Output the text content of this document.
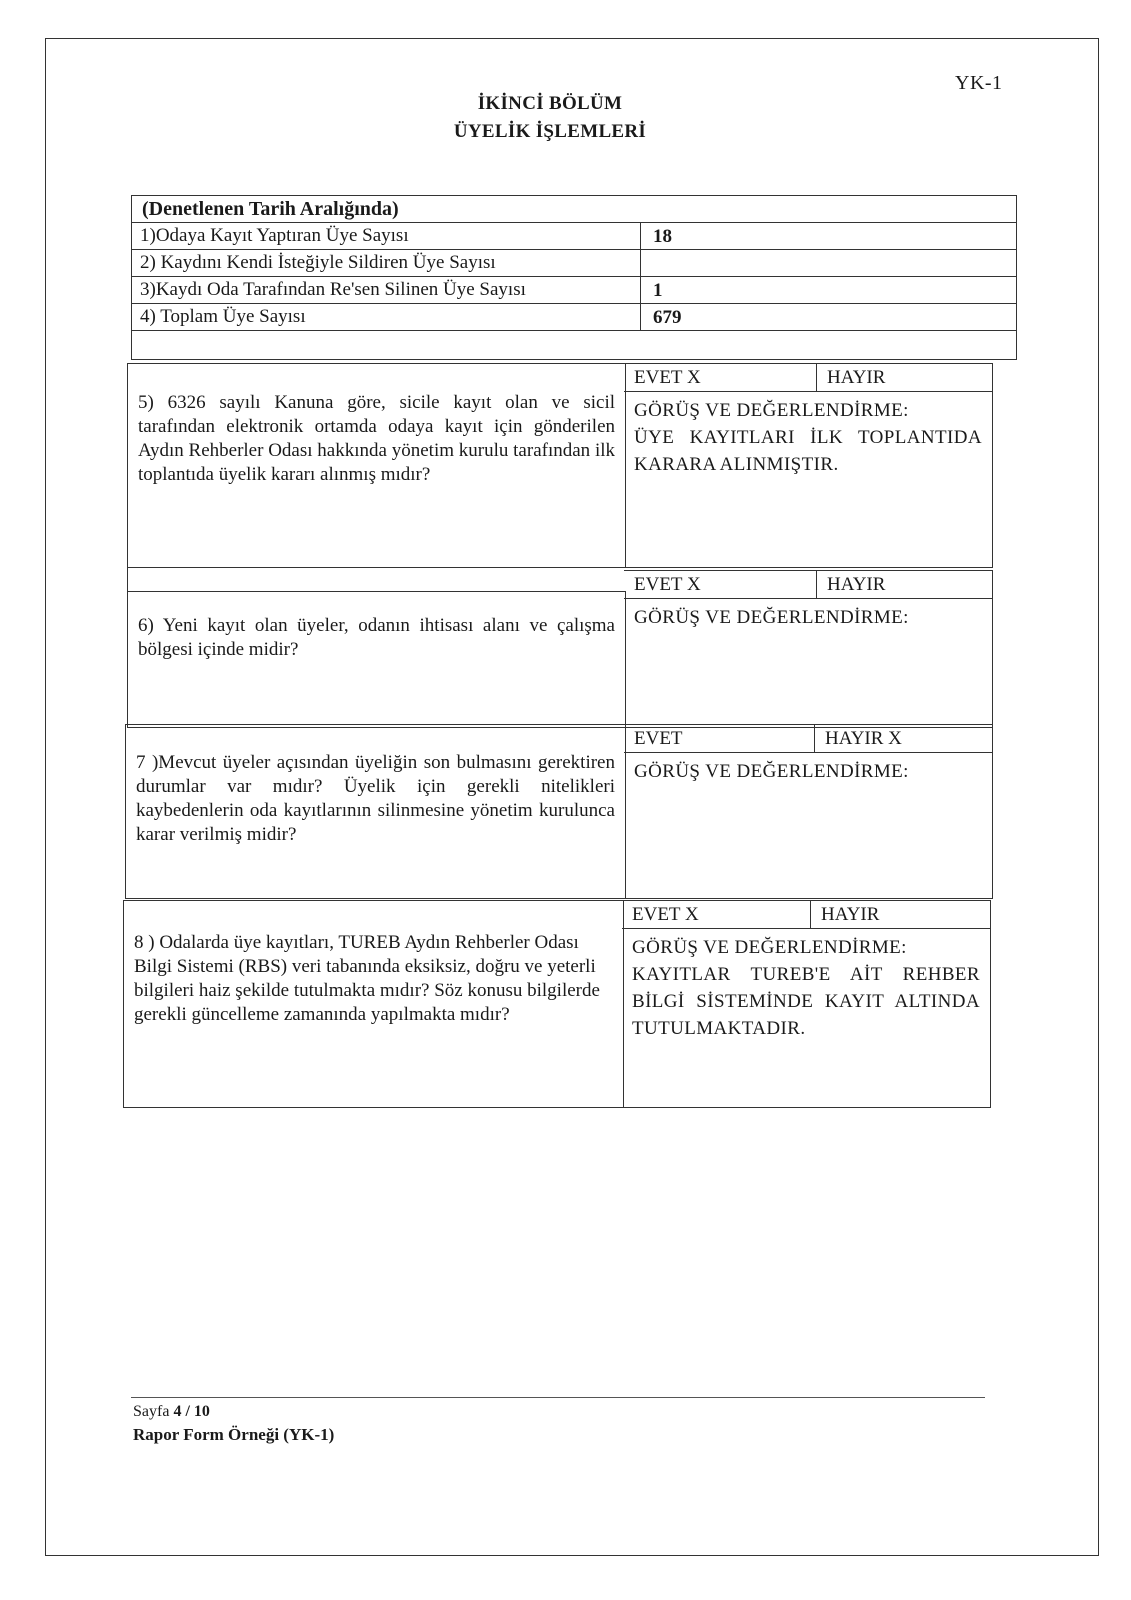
YK-1
İKİNCİ BÖLÜM
ÜYELİK İŞLEMLERİ
(Denetlenen Tarih Aralığında)
1)Odaya Kayıt Yaptıran Üye Sayısı	18
2) Kaydını Kendi İsteğiyle Sildiren Üye Sayısı
3)Kaydı Oda Tarafından Re'sen Silinen Üye Sayısı	1
4) Toplam Üye Sayısı	679
5) 6326 sayılı Kanuna göre, sicile kayıt olan ve sicil tarafından elektronik ortamda odaya kayıt için gönderilen Aydın Rehberler Odası hakkında yönetim kurulu tarafından ilk toplantıda üyelik kararı alınmış mıdır?
EVET X	HAYIR
GÖRÜŞ VE DEĞERLENDİRME:
ÜYE KAYITLARI İLK TOPLANTIDA KARARA ALINMIŞTIR.
6) Yeni kayıt olan üyeler, odanın ihtisası alanı ve çalışma bölgesi içinde midir?
EVET X	HAYIR
GÖRÜŞ VE DEĞERLENDİRME:
7 )Mevcut üyeler açısından üyeliğin son bulmasını gerektiren durumlar var mıdır? Üyelik için gerekli nitelikleri kaybedenlerin oda kayıtlarının silinmesine yönetim kurulunca karar verilmiş midir?
EVET	HAYIR X
GÖRÜŞ VE DEĞERLENDİRME:
8 ) Odalarda üye kayıtları, TUREB Aydın Rehberler Odası Bilgi Sistemi (RBS) veri tabanında eksiksiz, doğru ve yeterli bilgileri haiz şekilde tutulmakta mıdır? Söz konusu bilgilerde gerekli güncelleme zamanında yapılmakta mıdır?
EVET X	HAYIR
GÖRÜŞ VE DEĞERLENDİRME:
KAYITLAR TUREB'E AİT REHBER BİLGİ SİSTEMİNDE KAYIT ALTINDA TUTULMAKTADIR.
Sayfa 4 / 10
Rapor Form Örneği (YK-1)
